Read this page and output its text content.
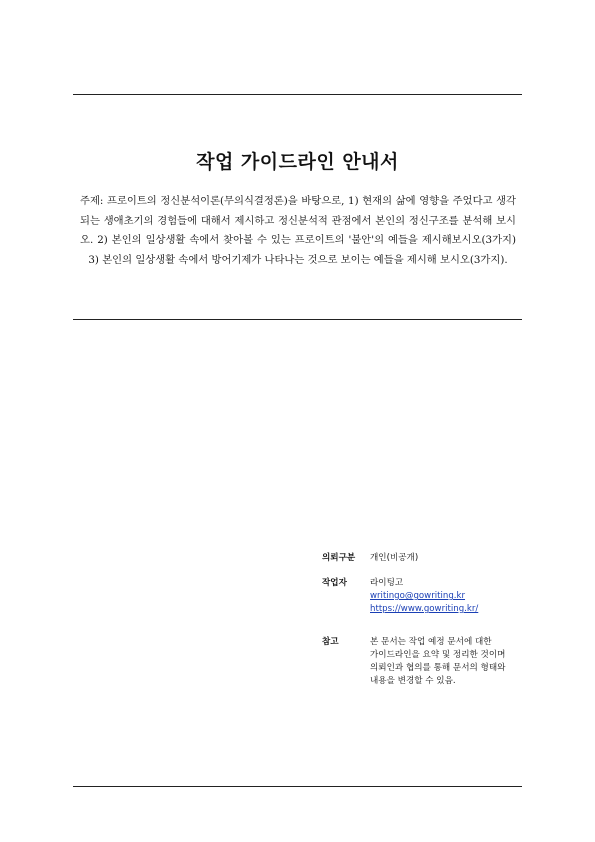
작업 가이드라인 안내서
주제: 프로이트의 정신분석이론(무의식결정론)을 바탕으로, 1) 현재의 삶에 영향을 주었다고 생각되는 생애초기의 경험들에 대해서 제시하고 정신분석적 관점에서 본인의 정신구조를 분석해 보시오. 2) 본인의 일상생활 속에서 찾아볼 수 있는 프로이트의 '불안'의 예들을 제시해보시오(3가지) 3) 본인의 일상생활 속에서 방어기제가 나타나는 것으로 보이는 예들을 제시해 보시오(3가지).
의뢰구분	개인(비공개)
작업자	라이팅고
writingo@gowriting.kr
https://www.gowriting.kr/
참고	본 문서는 작업 예정 문서에 대한
가이드라인을 요약 및 정리한 것이며
의뢰인과 협의를 통해 문서의 형태와
내용을 변경할 수 있음.
